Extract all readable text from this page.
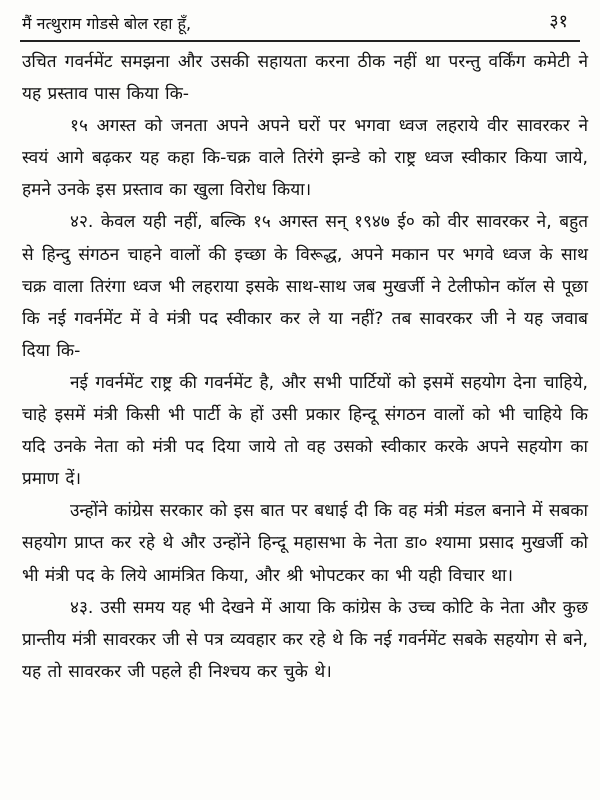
मैं नत्थुराम गोडसे बोल रहा हूँ,	३१

उचित गवर्नमेंट समझना और उसकी सहायता करना ठीक नहीं था परन्तु वर्किंग कमेटी ने यह प्रस्ताव पास किया कि-

१५ अगस्त को जनता अपने अपने घरों पर भगवा ध्वज लहराये वीर सावरकर ने स्वयं आगे बढ़कर यह कहा कि-चक्र वाले तिरंगे झन्डे को राष्ट्र ध्वज स्वीकार किया जाये, हमने उनके इस प्रस्ताव का खुला विरोध किया।

४२. केवल यही नहीं, बल्कि १५ अगस्त सन् १९४७ ई० को वीर सावरकर ने, बहुत से हिन्दु संगठन चाहने वालों की इच्छा के विरूद्ध, अपने मकान पर भगवे ध्वज के साथ चक्र वाला तिरंगा ध्वज भी लहराया इसके साथ-साथ जब मुखर्जी ने टेलीफोन कॉल से पूछा कि नई गवर्नमेंट में वे मंत्री पद स्वीकार कर ले या नहीं? तब सावरकर जी ने यह जवाब दिया कि-

नई गवर्नमेंट राष्ट्र की गवर्नमेंट है, और सभी पार्टियों को इसमें सहयोग देना चाहिये, चाहे इसमें मंत्री किसी भी पार्टी के हों उसी प्रकार हिन्दू संगठन वालों को भी चाहिये कि यदि उनके नेता को मंत्री पद दिया जाये तो वह उसको स्वीकार करके अपने सहयोग का प्रमाण दें।

उन्होंने कांग्रेस सरकार को इस बात पर बधाई दी कि वह मंत्री मंडल बनाने में सबका सहयोग प्राप्त कर रहे थे और उन्होंने हिन्दू महासभा के नेता डा० श्यामा प्रसाद मुखर्जी को भी मंत्री पद के लिये आमंत्रित किया, और श्री भोपटकर का भी यही विचार था।

४३. उसी समय यह भी देखने में आया कि कांग्रेस के उच्च कोटि के नेता और कुछ प्रान्तीय मंत्री सावरकर जी से पत्र व्यवहार कर रहे थे कि नई गवर्नमेंट सबके सहयोग से बने, यह तो सावरकर जी पहले ही निश्चय कर चुके थे।
